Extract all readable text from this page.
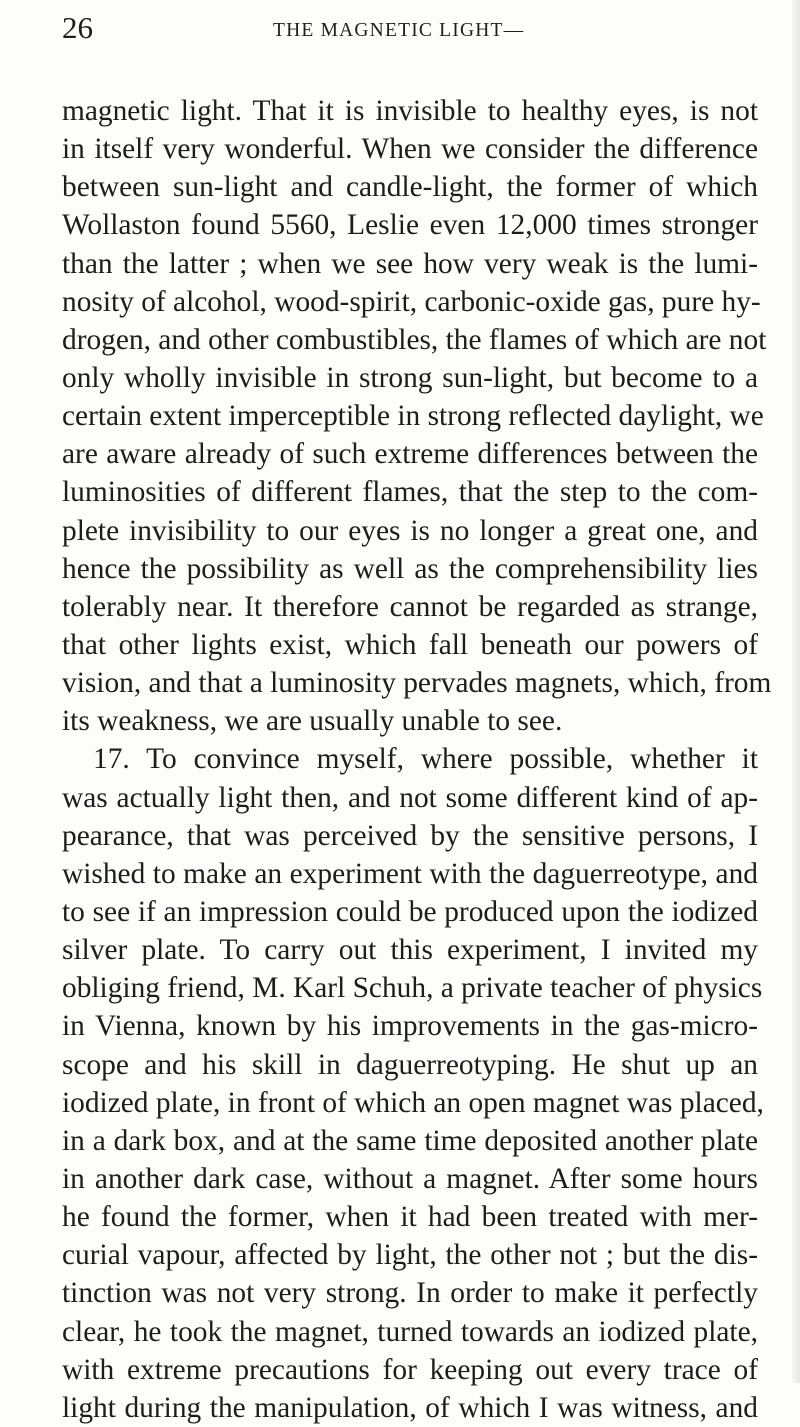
26	THE MAGNETIC LIGHT—
magnetic light. That it is invisible to healthy eyes, is not
in itself very wonderful. When we consider the difference
between sun-light and candle-light, the former of which
Wollaston found 5560, Leslie even 12,000 times stronger
than the latter ; when we see how very weak is the lumi-
nosity of alcohol, wood-spirit, carbonic-oxide gas, pure hy-
drogen, and other combustibles, the flames of which are not
only wholly invisible in strong sun-light, but become to a
certain extent imperceptible in strong reflected daylight, we
are aware already of such extreme differences between the
luminosities of different flames, that the step to the com-
plete invisibility to our eyes is no longer a great one, and
hence the possibility as well as the comprehensibility lies
tolerably near. It therefore cannot be regarded as strange,
that other lights exist, which fall beneath our powers of
vision, and that a luminosity pervades magnets, which, from
its weakness, we are usually unable to see.
17. To convince myself, where possible, whether it
was actually light then, and not some different kind of ap-
pearance, that was perceived by the sensitive persons, I
wished to make an experiment with the daguerreotype, and
to see if an impression could be produced upon the iodized
silver plate. To carry out this experiment, I invited my
obliging friend, M. Karl Schuh, a private teacher of physics
in Vienna, known by his improvements in the gas-micro-
scope and his skill in daguerreotyping. He shut up an
iodized plate, in front of which an open magnet was placed,
in a dark box, and at the same time deposited another plate
in another dark case, without a magnet. After some hours
he found the former, when it had been treated with mer-
curial vapour, affected by light, the other not ; but the dis-
tinction was not very strong. In order to make it perfectly
clear, he took the magnet, turned towards an iodized plate,
with extreme precautions for keeping out every trace of
light during the manipulation, of which I was witness, and
